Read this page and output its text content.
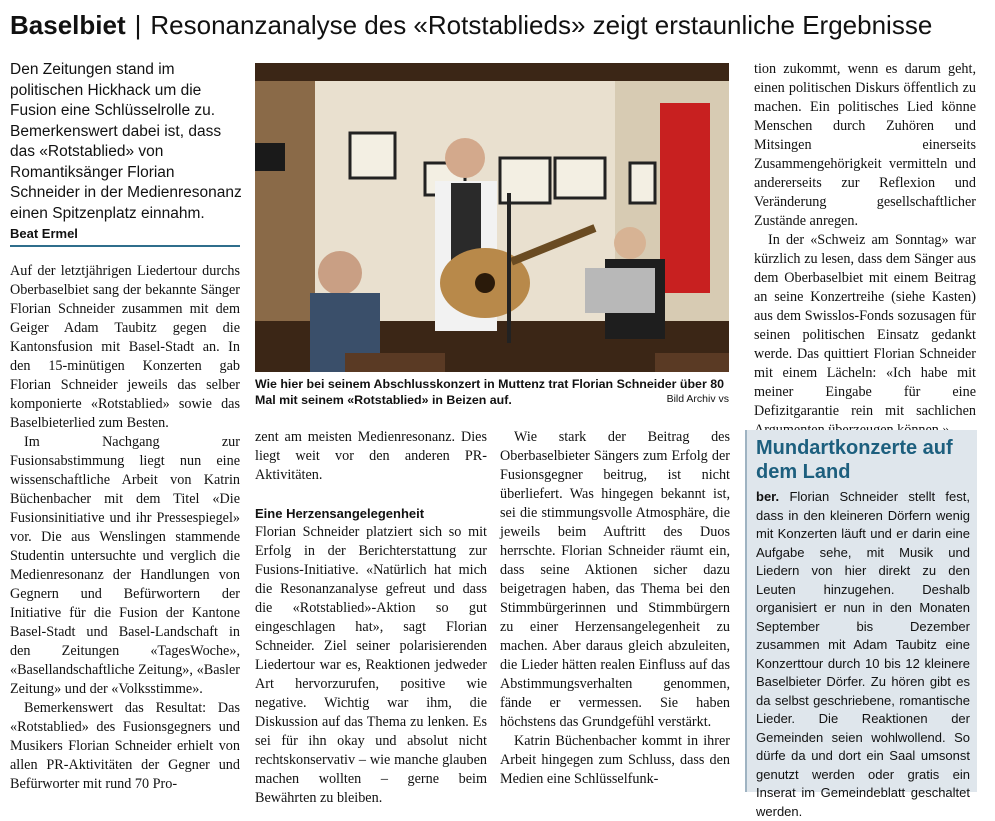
Baselbiet | Resonanzanalyse des «Rotstablieds» zeigt erstaunliche Ergebnisse
Den Zeitungen stand im politischen Hickhack um die Fusion eine Schlüsselrolle zu. Bemerkenswert dabei ist, dass das «Rotstablied» von Romantiksänger Florian Schneider in der Medienresonanz einen Spitzenplatz einnahm.
Beat Ermel

Auf der letztjährigen Liedertour durchs Oberbaselbiet sang der bekannte Sänger Florian Schneider zusammen mit dem Geiger Adam Taubitz gegen die Kantonsfusion mit Basel-Stadt an. In den 15-minütigen Konzerten gab Florian Schneider jeweils das selber komponierte «Rotstablied» sowie das Baselbieterlied zum Besten.

Im Nachgang zur Fusionsabstimmung liegt nun eine wissenschaftliche Arbeit von Katrin Büchenbacher mit dem Titel «Die Fusionsinitiative und ihr Pressespiegel» vor. Die aus Wenslingen stammende Studentin untersuchte und verglich die Medienresonanz der Handlungen von Gegnern und Befürwortern der Initiative für die Fusion der Kantone Basel-Stadt und Basel-Landschaft in den Zeitungen «TagesWoche», «Basellandschaftliche Zeitung», «Basler Zeitung» und der «Volksstimme».

Bemerkenswert das Resultat: Das «Rotstablied» des Fusionsgegners und Musikers Florian Schneider erhielt von allen PR-Aktivitäten der Gegner und Befürworter mit rund 70 Pro-

Wie hier bei seinem Abschlusskonzert in Muttenz trat Florian Schneider über 80 Mal mit seinem «Rotstablied» in Beizen auf.	Bild Archiv vs

zent am meisten Medienresonanz. Dies liegt weit vor den anderen PR-Aktivitäten.

Eine Herzensangelegenheit

Florian Schneider platziert sich so mit Erfolg in der Berichterstattung zur Fusions-Initiative. «Natürlich hat mich die Resonanzanalyse gefreut und dass die «Rotstablied»-Aktion so gut eingeschlagen hat», sagt Florian Schneider. Ziel seiner polarisierenden Liedertour war es, Reaktionen jedweder Art hervorzurufen, positive wie negative. Wichtig war ihm, die Diskussion auf das Thema zu lenken. Es sei für ihn okay und absolut nicht rechtskonservativ – wie manche glauben machen wollten – gerne beim Bewährten zu bleiben.

Wie stark der Beitrag des Oberbaselbieter Sängers zum Erfolg der Fusionsgegner beitrug, ist nicht überliefert. Was hingegen bekannt ist, sei die stimmungsvolle Atmosphäre, die jeweils beim Auftritt des Duos herrschte. Florian Schneider räumt ein, dass seine Aktionen sicher dazu beigetragen haben, das Thema bei den Stimmbürgerinnen und Stimmbürgern zu einer Herzensangelegenheit zu machen. Aber daraus gleich abzuleiten, die Lieder hätten realen Einfluss auf das Abstimmungsverhalten genommen, fände er vermessen. Sie haben höchstens das Grundgefühl verstärkt.

Katrin Büchenbacher kommt in ihrer Arbeit hingegen zum Schluss, dass den Medien eine Schlüsselfunk-

tion zukommt, wenn es darum geht, einen politischen Diskurs öffentlich zu machen. Ein politisches Lied könne Menschen durch Zuhören und Mitsingen einerseits Zusammengehörigkeit vermitteln und andererseits zur Reflexion und Veränderung gesellschaftlicher Zustände anregen.

In der «Schweiz am Sonntag» war kürzlich zu lesen, dass dem Sänger aus dem Oberbaselbiet mit einem Beitrag an seine Konzertreihe (siehe Kasten) aus dem Swisslos-Fonds sozusagen für seinen politischen Einsatz gedankt werde. Das quittiert Florian Schneider mit einem Lächeln: «Ich habe mit meiner Eingabe für eine Defizitgarantie rein mit sachlichen

Mundartkonzerte auf dem Land
ber. Florian Schneider stellt fest, dass in den kleineren Dörfern wenig mit Konzerten läuft und er darin eine Aufgabe sehe, mit Musik und Liedern von hier direkt zu den Leuten hinzugehen. Deshalb organisiert er nun in den Monaten September bis Dezember zusammen mit Adam Taubitz eine Konzerttour durch 10 bis 12 kleinere Baselbieter Dörfer. Zu hören gibt es da selbst geschriebene, romantische Lieder. Die Reaktionen der Gemeinden seien wohlwollend. So dürfe da und dort ein Saal umsonst genutzt werden oder gratis ein Inserat im Gemeindeblatt geschaltet werden.
